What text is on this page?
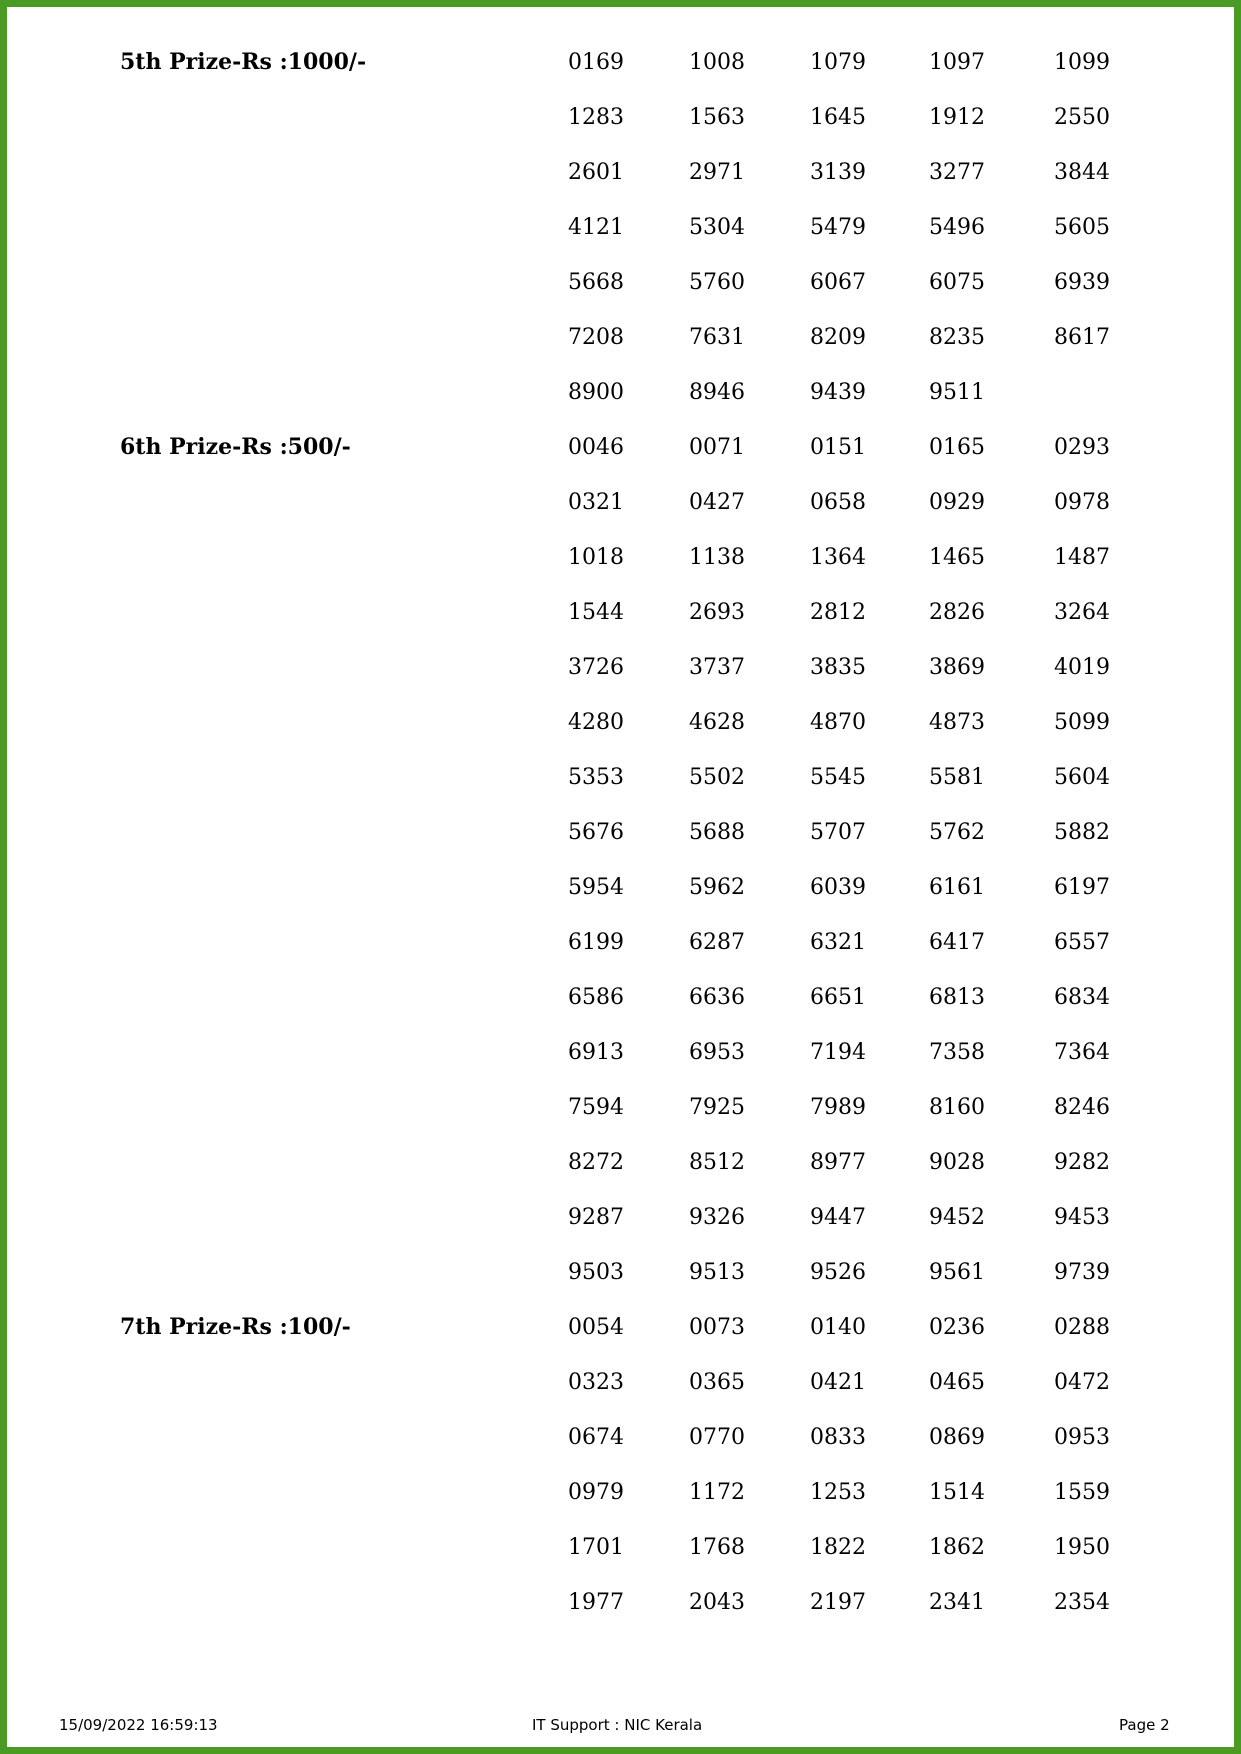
5th Prize-Rs :1000/-	0169	1008	1079	1097	1099
1283	1563	1645	1912	2550
2601	2971	3139	3277	3844
4121	5304	5479	5496	5605
5668	5760	6067	6075	6939
7208	7631	8209	8235	8617
8900	8946	9439	9511
6th Prize-Rs :500/-	0046	0071	0151	0165	0293
0321	0427	0658	0929	0978
1018	1138	1364	1465	1487
1544	2693	2812	2826	3264
3726	3737	3835	3869	4019
4280	4628	4870	4873	5099
5353	5502	5545	5581	5604
5676	5688	5707	5762	5882
5954	5962	6039	6161	6197
6199	6287	6321	6417	6557
6586	6636	6651	6813	6834
6913	6953	7194	7358	7364
7594	7925	7989	8160	8246
8272	8512	8977	9028	9282
9287	9326	9447	9452	9453
9503	9513	9526	9561	9739
7th Prize-Rs :100/-	0054	0073	0140	0236	0288
0323	0365	0421	0465	0472
0674	0770	0833	0869	0953
0979	1172	1253	1514	1559
1701	1768	1822	1862	1950
1977	2043	2197	2341	2354
15/09/2022 16:59:13	IT Support : NIC Kerala	Page 2
